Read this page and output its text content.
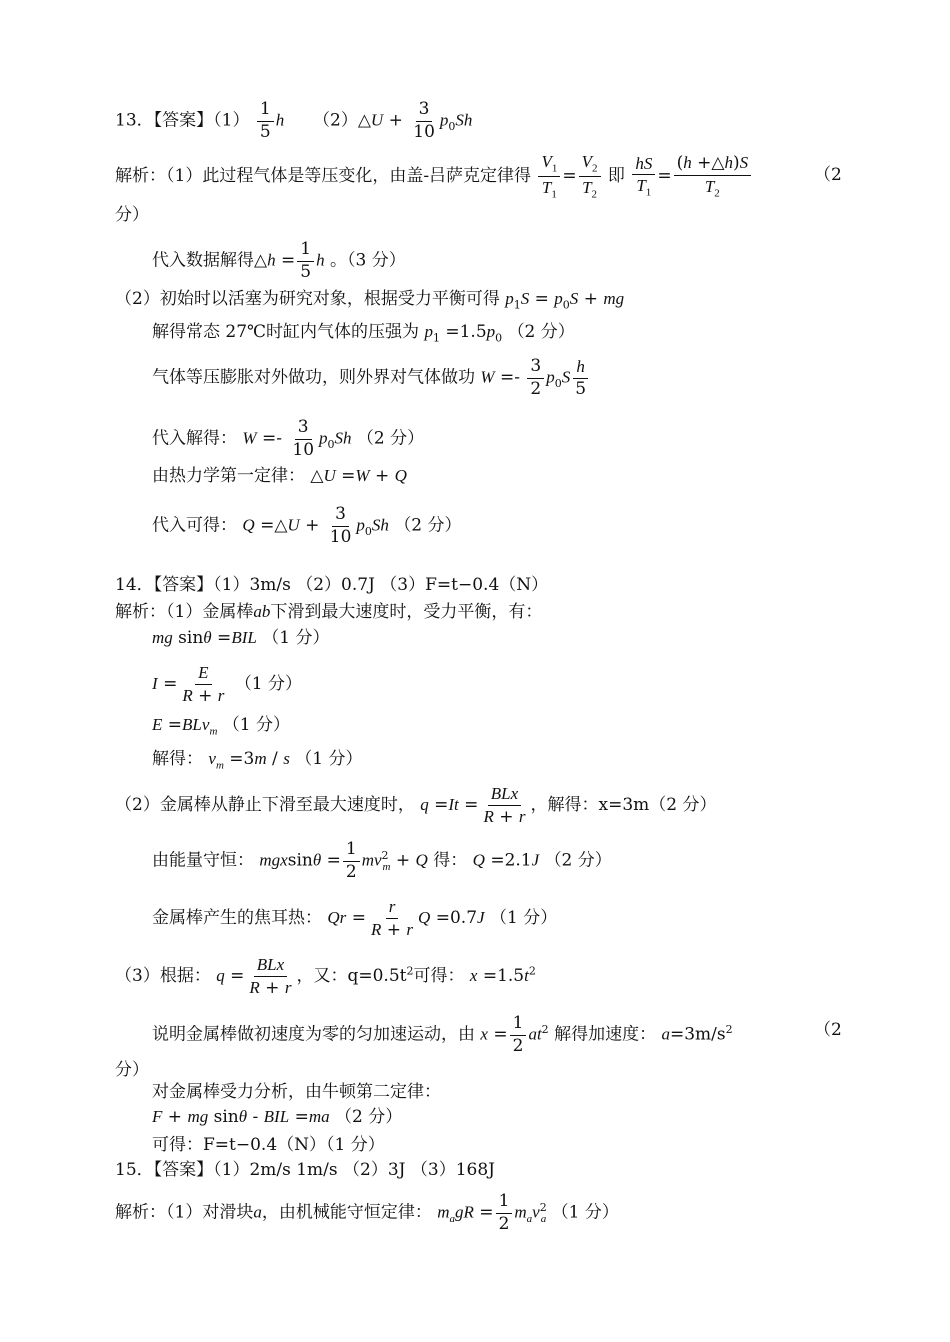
13．【答案】$(1) \frac{1}{5}$ h （2）△U + $\frac{3}{10} p_0Sh$
解析：（1）此过程气体是等压变化，由盖-吕萨克定律得 $\frac{V_1}{T_1} = \frac{V_2}{T_2}$ 即 $\frac{hS}{T_1} = \frac{(h +\triangle h)S}{T_2}$	（2
分）
代入数据解得△h = $\frac{1}{5}$ h 。（3 分）
（2）初始时以活塞为研究对象，根据受力平衡可得 $p_1S = p_0S$ + mg
解得常态 27℃时缸内气体的压强为 $p_1 =1.5p_0$ （2 分）
气体等压膨胀对外做功，则外界对气体做功 $W =- \frac{3}{2} p_0S \frac{h}{5}$
代入解得： $W =- \frac{3}{10} p_0Sh$ （2 分）
由热力学第一定律： △U =W + Q
代入可得： Q =△U + $\frac{3}{10} p_0Sh$ （2 分）
14．【答案】（1）3m/s （2）0.7J （3）F=t−0.4（N）
解析：（1）金属棒ab下滑到最大速度时，受力平衡，有：
mg sinθ =BIL （1 分）
$I = \frac{E}{R + r} (1$ 分）
E =BLv$_m$ （1 分）
解得： $v_m =3m / s$ （1 分）
（2）金属棒从静止下滑至最大速度时， $q =It = \frac{\text{BLx}}{R + r}$ ，解得：x=3m（2 分）
由能量守恒： $mgxsin\theta = \frac{1}{2} mv^2_m + Q$ 得： Q =2.1J （2 分）
金属棒产生的焦耳热： $Qr = \frac{r}{R + r}$ Q =0.7J （1 分）
（3）根据： $q = \frac{\text{BLx}}{R + r}$ ，又：$q=0.5t^2$可得： $x =1.5t^2$
说明金属棒做初速度为零的匀加速运动，由 $x = \frac{1}{2} at^2$ 解得加速度： $a=3m/s^2$	（2
分）
对金属棒受力分析，由牛顿第二定律：
F + mg sinθ - BIL =ma （2 分）
可得：F=t−0.4（N）（1 分）
15．【答案】（1）2m/s 1m/s （2）3J （3）168J
解析：（1）对滑块a，由机械能守恒定律： $m_agR = \frac{1}{2} m_av^2_a$ （1 分）
